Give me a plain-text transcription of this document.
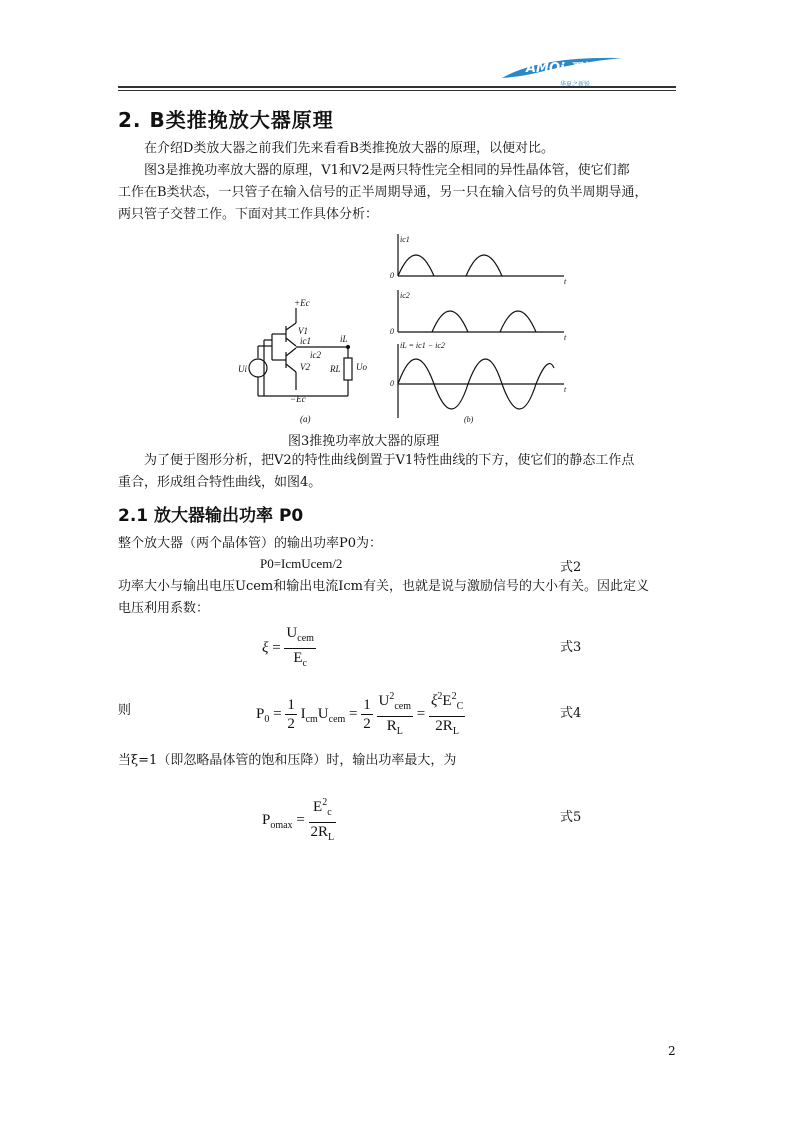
AMOi 夏新
华夏之新锐
2. B类推挽放大器原理
在介绍D类放大器之前我们先来看看B类推挽放大器的原理，以便对比。
图3是推挽功率放大器的原理，V1和V2是两只特性完全相同的异性晶体管，使它们都
工作在B类状态，一只管子在输入信号的正半周期导通，另一只在输入信号的负半周期导通，
两只管子交替工作。下面对其工作具体分析：
+Ec
V1
ic1	iL
ic2
V2
Ui	RL Uo
−Ec
(a)
ic1
0
t
ic2
0
t
iL = ic1 − ic2
0
t
(b)
图3推挽功率放大器的原理
为了便于图形分析，把V2的特性曲线倒置于V1特性曲线的下方，使它们的静态工作点
重合，形成组合特性曲线，如图4。
2.1 放大器输出功率 P0
整个放大器（两个晶体管）的输出功率P0为：
P0=IcmUcem/2	式2
功率大小与输出电压Ucem和输出电流Icm有关，也就是说与激励信号的大小有关。因此定义
电压利用系数：
$\xi = \frac{U_{cem}}{E_c}$	式3
则	$P_0 = \frac{1}{2} I_{cm}U_{cem} = \frac{1}{2}$
$\frac{U^2_{cem}}{R_L} = \frac{\xi^2E^2_C}{2R_L}$	式4
当ξ=1（即忽略晶体管的饱和压降）时，输出功率最大，为
$P_{omax} = \frac{E^2_c}{2R_L}$	式5
2
